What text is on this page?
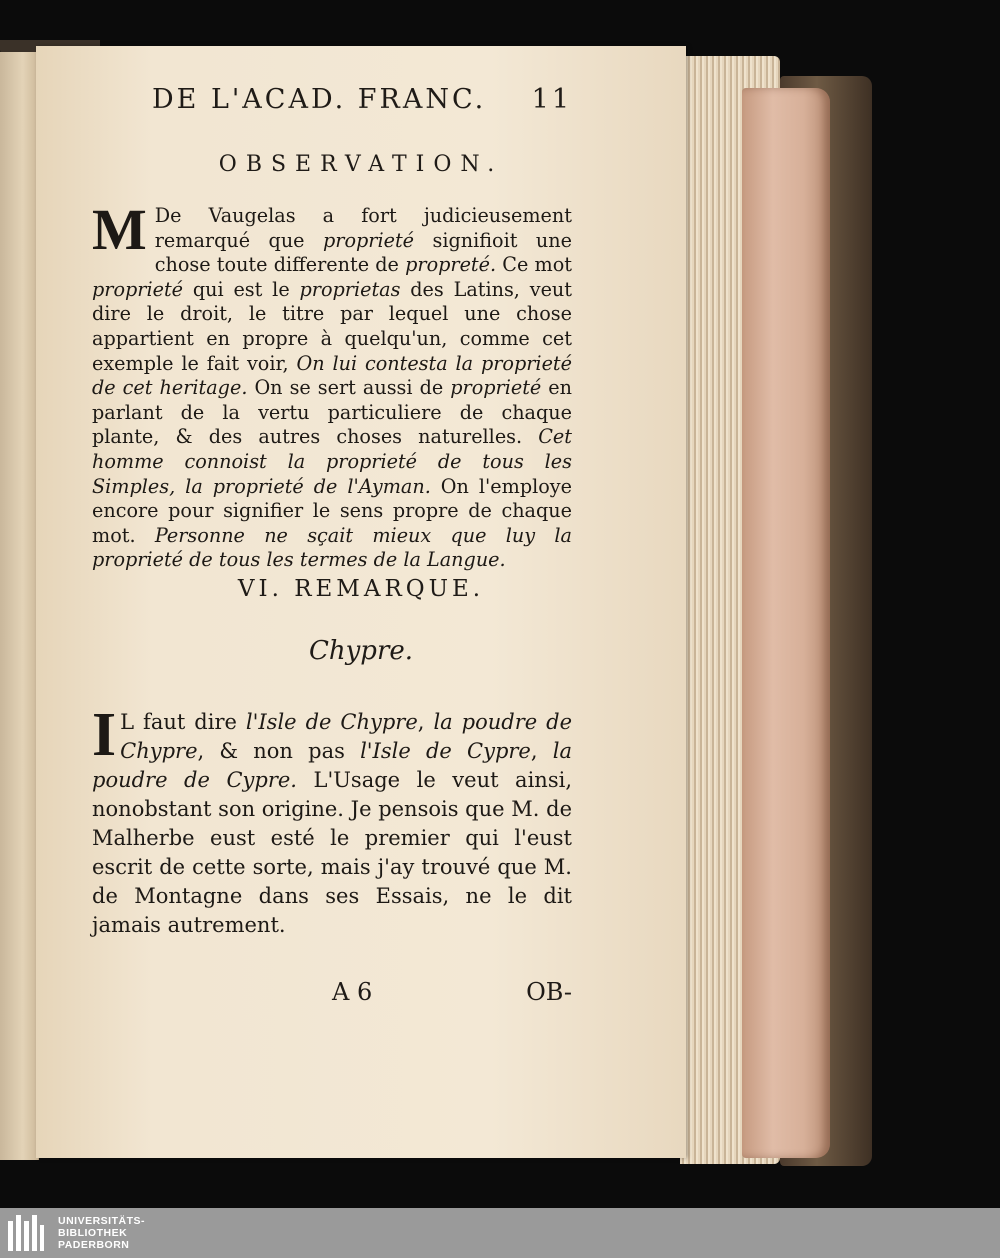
DE L'ACAD. FRANC. 11
OBSERVATION.
M De Vaugelas a fort judicieusement remarqué que proprieté signifioit une chose toute differente de propreté. Ce mot proprieté qui est le proprietas des Latins, veut dire le droit, le titre par lequel une chose appartient en propre à quelqu'un, comme cet exemple le fait voir, On lui contesta la proprieté de cet heritage. On se sert aussi de proprieté en parlant de la vertu particuliere de chaque plante, & des autres choses naturelles. Cet homme connoist la proprieté de tous les Simples, la proprieté de l'Ayman. On l'employe encore pour signifier le sens propre de chaque mot. Personne ne sçait mieux que luy la proprieté de tous les termes de la Langue.
VI. REMARQUE.
Chypre.
I L faut dire l'Isle de Chypre, la poudre de Chypre, & non pas l'Isle de Cypre, la poudre de Cypre. L'Usage le veut ainsi, nonobstant son origine. Je pensois que M. de Malherbe eust esté le premier qui l'eust escrit de cette sorte, mais j'ay trouvé que M. de Montagne dans ses Essais, ne le dit jamais autrement.
A 6	OB-
UNIVERSITÄTS-
BIBLIOTHEK
PADERBORN
